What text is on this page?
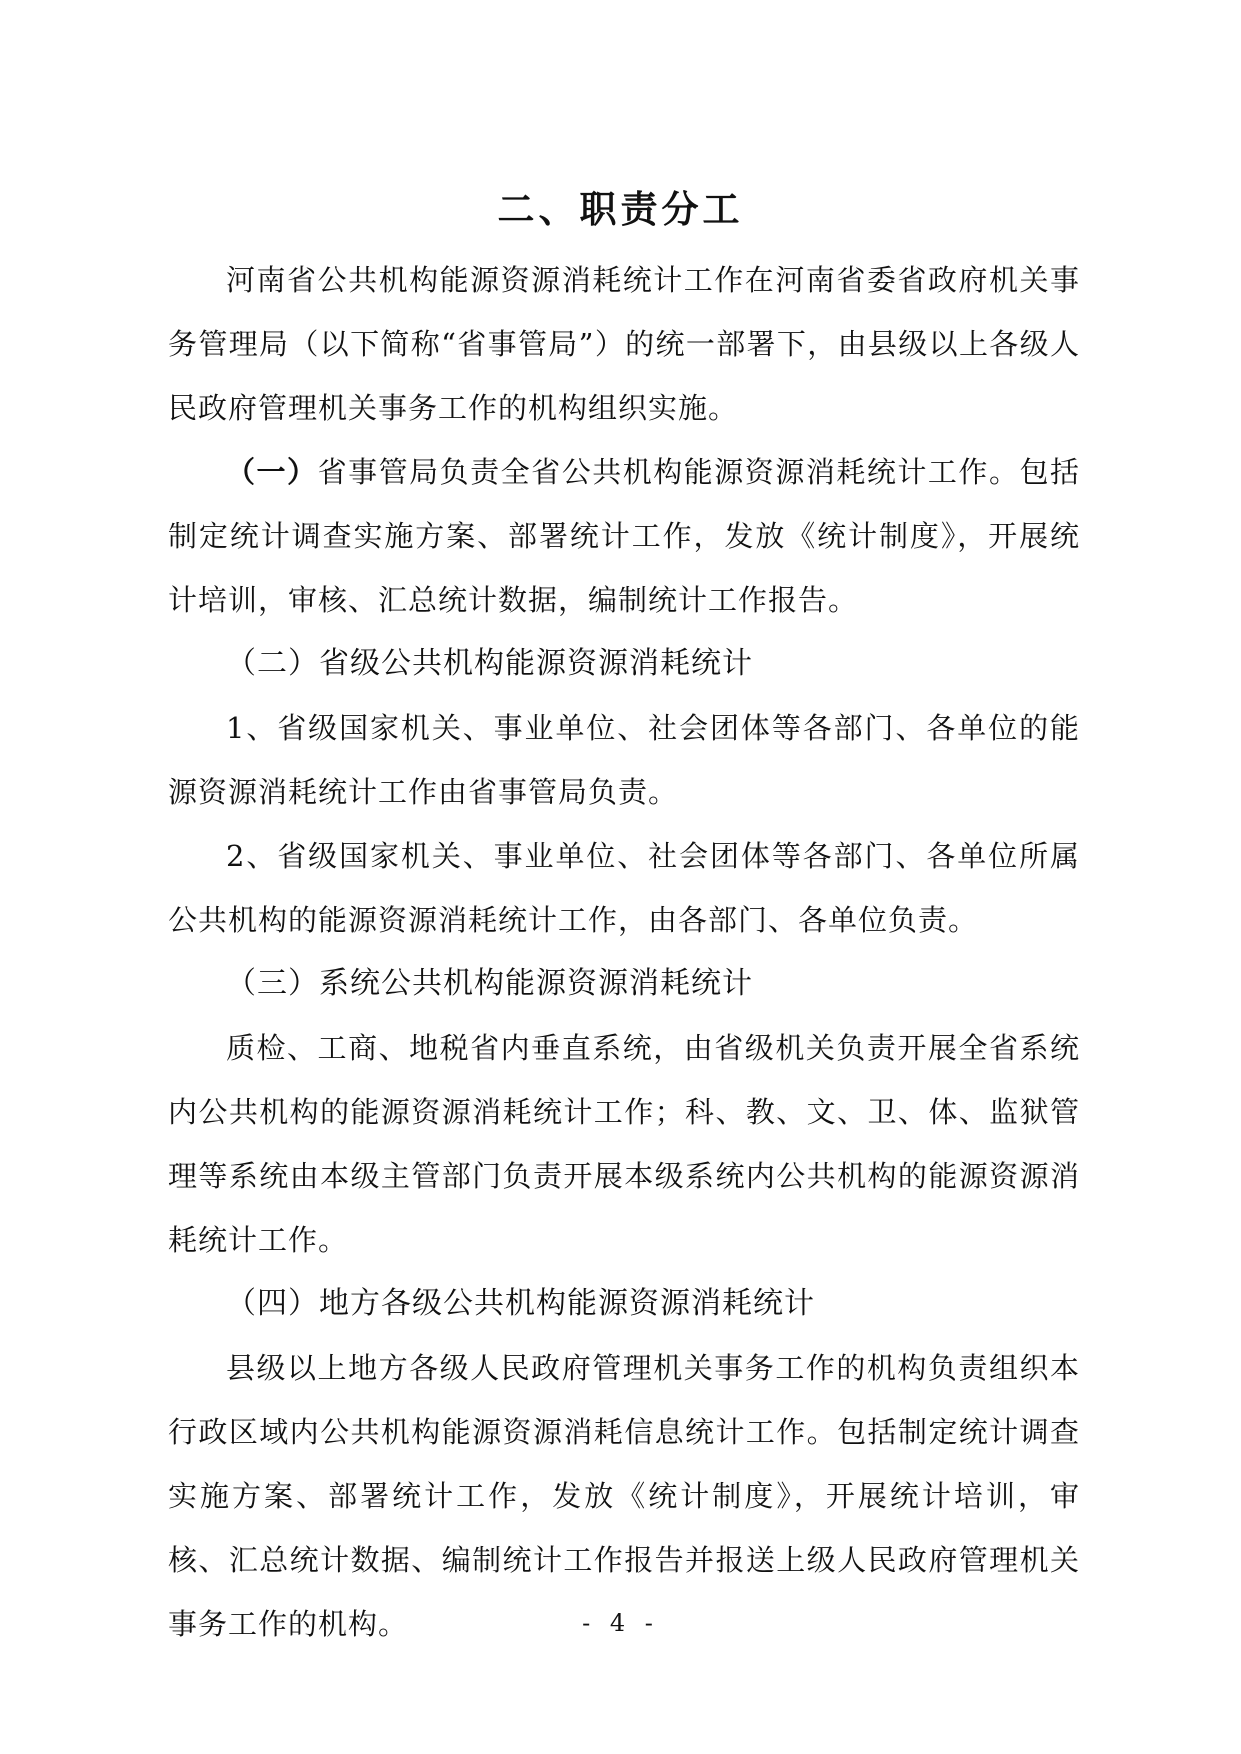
二、职责分工

河南省公共机构能源资源消耗统计工作在河南省委省政府机关事务管理局（以下简称“省事管局”）的统一部署下，由县级以上各级人民政府管理机关事务工作的机构组织实施。

（一）省事管局负责全省公共机构能源资源消耗统计工作。包括制定统计调查实施方案、部署统计工作，发放《统计制度》，开展统计培训，审核、汇总统计数据，编制统计工作报告。

（二）省级公共机构能源资源消耗统计

1、省级国家机关、事业单位、社会团体等各部门、各单位的能源资源消耗统计工作由省事管局负责。

2、省级国家机关、事业单位、社会团体等各部门、各单位所属公共机构的能源资源消耗统计工作，由各部门、各单位负责。

（三）系统公共机构能源资源消耗统计

质检、工商、地税省内垂直系统，由省级机关负责开展全省系统内公共机构的能源资源消耗统计工作；科、教、文、卫、体、监狱管理等系统由本级主管部门负责开展本级系统内公共机构的能源资源消耗统计工作。

（四）地方各级公共机构能源资源消耗统计

县级以上地方各级人民政府管理机关事务工作的机构负责组织本行政区域内公共机构能源资源消耗信息统计工作。包括制定统计调查实施方案、部署统计工作，发放《统计制度》，开展统计培训，审核、汇总统计数据、编制统计工作报告并报送上级人民政府管理机关事务工作的机构。	- 4 -
